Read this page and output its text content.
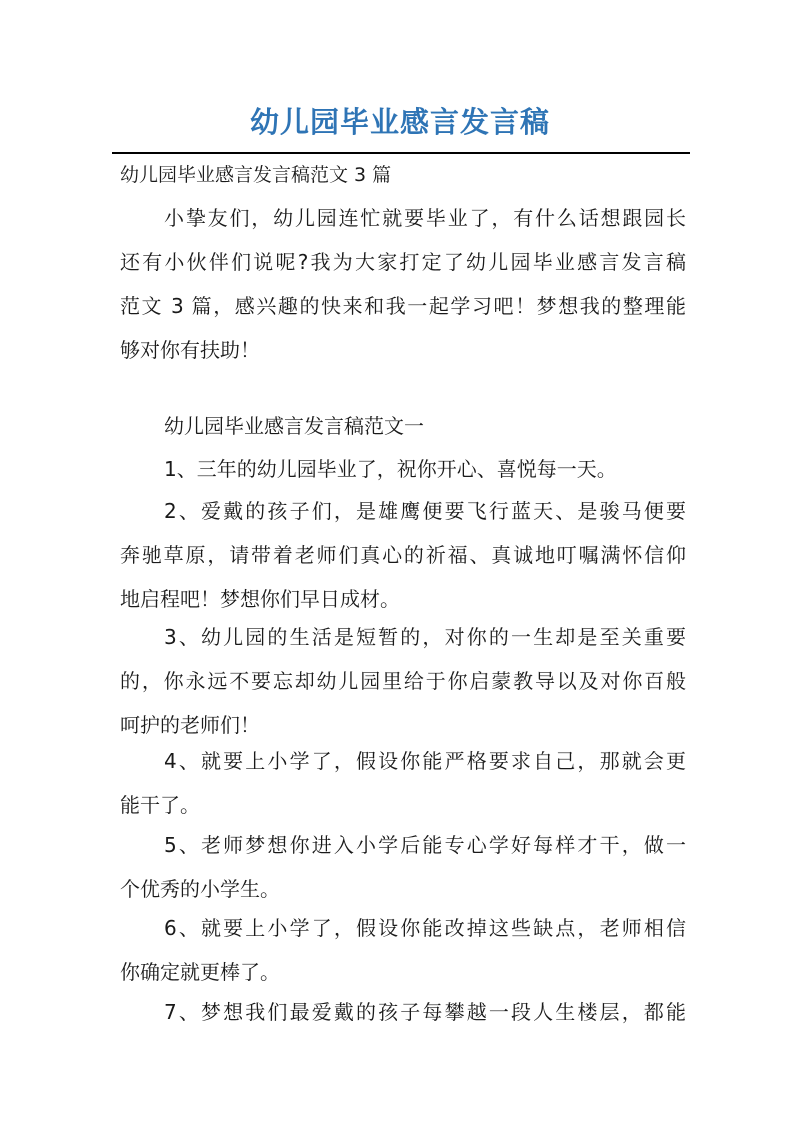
幼儿园毕业感言发言稿
幼儿园毕业感言发言稿范文 3 篇
小挚友们，幼儿园连忙就要毕业了，有什么话想跟园长
还有小伙伴们说呢?我为大家打定了幼儿园毕业感言发言稿
范文 3 篇，感兴趣的快来和我一起学习吧！梦想我的整理能
够对你有扶助！
幼儿园毕业感言发言稿范文一
1、三年的幼儿园毕业了，祝你开心、喜悦每一天。
2、爱戴的孩子们，是雄鹰便要飞行蓝天、是骏马便要
奔驰草原，请带着老师们真心的祈福、真诚地叮嘱满怀信仰
地启程吧！梦想你们早日成材。
3、幼儿园的生活是短暂的，对你的一生却是至关重要
的，你永远不要忘却幼儿园里给于你启蒙教导以及对你百般
呵护的老师们！
4、就要上小学了，假设你能严格要求自己，那就会更
能干了。
5、老师梦想你进入小学后能专心学好每样才干，做一
个优秀的小学生。
6、就要上小学了，假设你能改掉这些缺点，老师相信
你确定就更棒了。
7、梦想我们最爱戴的孩子每攀越一段人生楼层，都能
